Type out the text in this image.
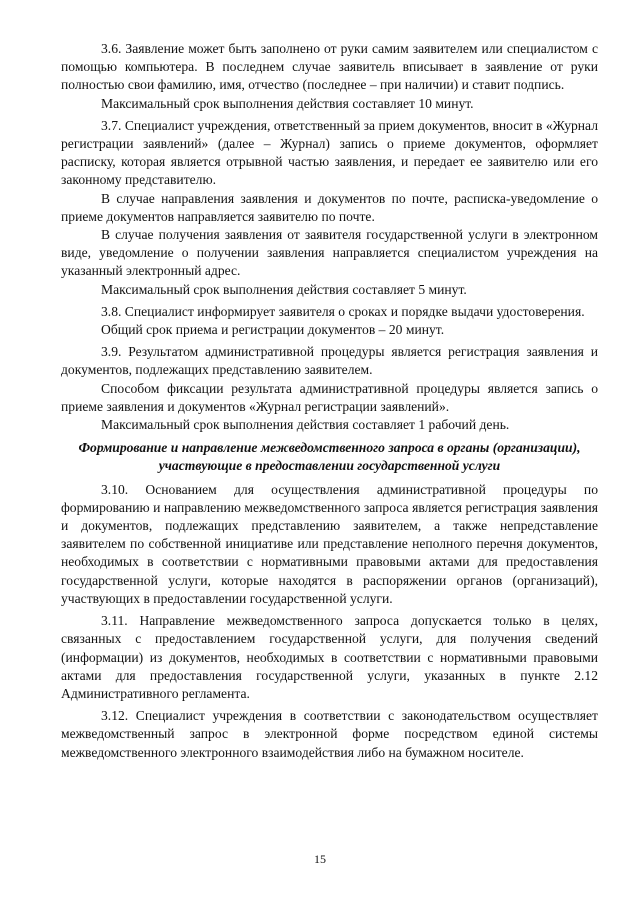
3.6. Заявление может быть заполнено от руки самим заявителем или специалистом с помощью компьютера. В последнем случае заявитель вписывает в заявление от руки полностью свои фамилию, имя, отчество (последнее – при наличии) и ставит подпись.

Максимальный срок выполнения действия составляет 10 минут.

3.7. Специалист учреждения, ответственный за прием документов, вносит в «Журнал регистрации заявлений» (далее – Журнал) запись о приеме документов, оформляет расписку, которая является отрывной частью заявления, и передает ее заявителю или его законному представителю.

В случае направления заявления и документов по почте, расписка-уведомление о приеме документов направляется заявителю по почте.

В случае получения заявления от заявителя государственной услуги в электронном виде, уведомление о получении заявления направляется специалистом учреждения на указанный электронный адрес.

Максимальный срок выполнения действия составляет 5 минут.

3.8. Специалист информирует заявителя о сроках и порядке выдачи удостоверения.

Общий срок приема и регистрации документов – 20 минут.

3.9. Результатом административной процедуры является регистрация заявления и документов, подлежащих представлению заявителем.

Способом фиксации результата административной процедуры является запись о приеме заявления и документов «Журнал регистрации заявлений».

Максимальный срок выполнения действия составляет 1 рабочий день.

Формирование и направление межведомственного запроса в органы (организации), участвующие в предоставлении государственной услуги

3.10. Основанием для осуществления административной процедуры по формированию и направлению межведомственного запроса является регистрация заявления и документов, подлежащих представлению заявителем, а также непредставление заявителем по собственной инициативе или представление неполного перечня документов, необходимых в соответствии с нормативными правовыми актами для предоставления государственной услуги, которые находятся в распоряжении органов (организаций), участвующих в предоставлении государственной услуги.

3.11. Направление межведомственного запроса допускается только в целях, связанных с предоставлением государственной услуги, для получения сведений (информации) из документов, необходимых в соответствии с нормативными правовыми актами для предоставления государственной услуги, указанных в пункте 2.12 Административного регламента.

3.12. Специалист учреждения в соответствии с законодательством осуществляет межведомственный запрос в электронной форме посредством единой системы межведомственного электронного взаимодействия либо на бумажном носителе.

15
